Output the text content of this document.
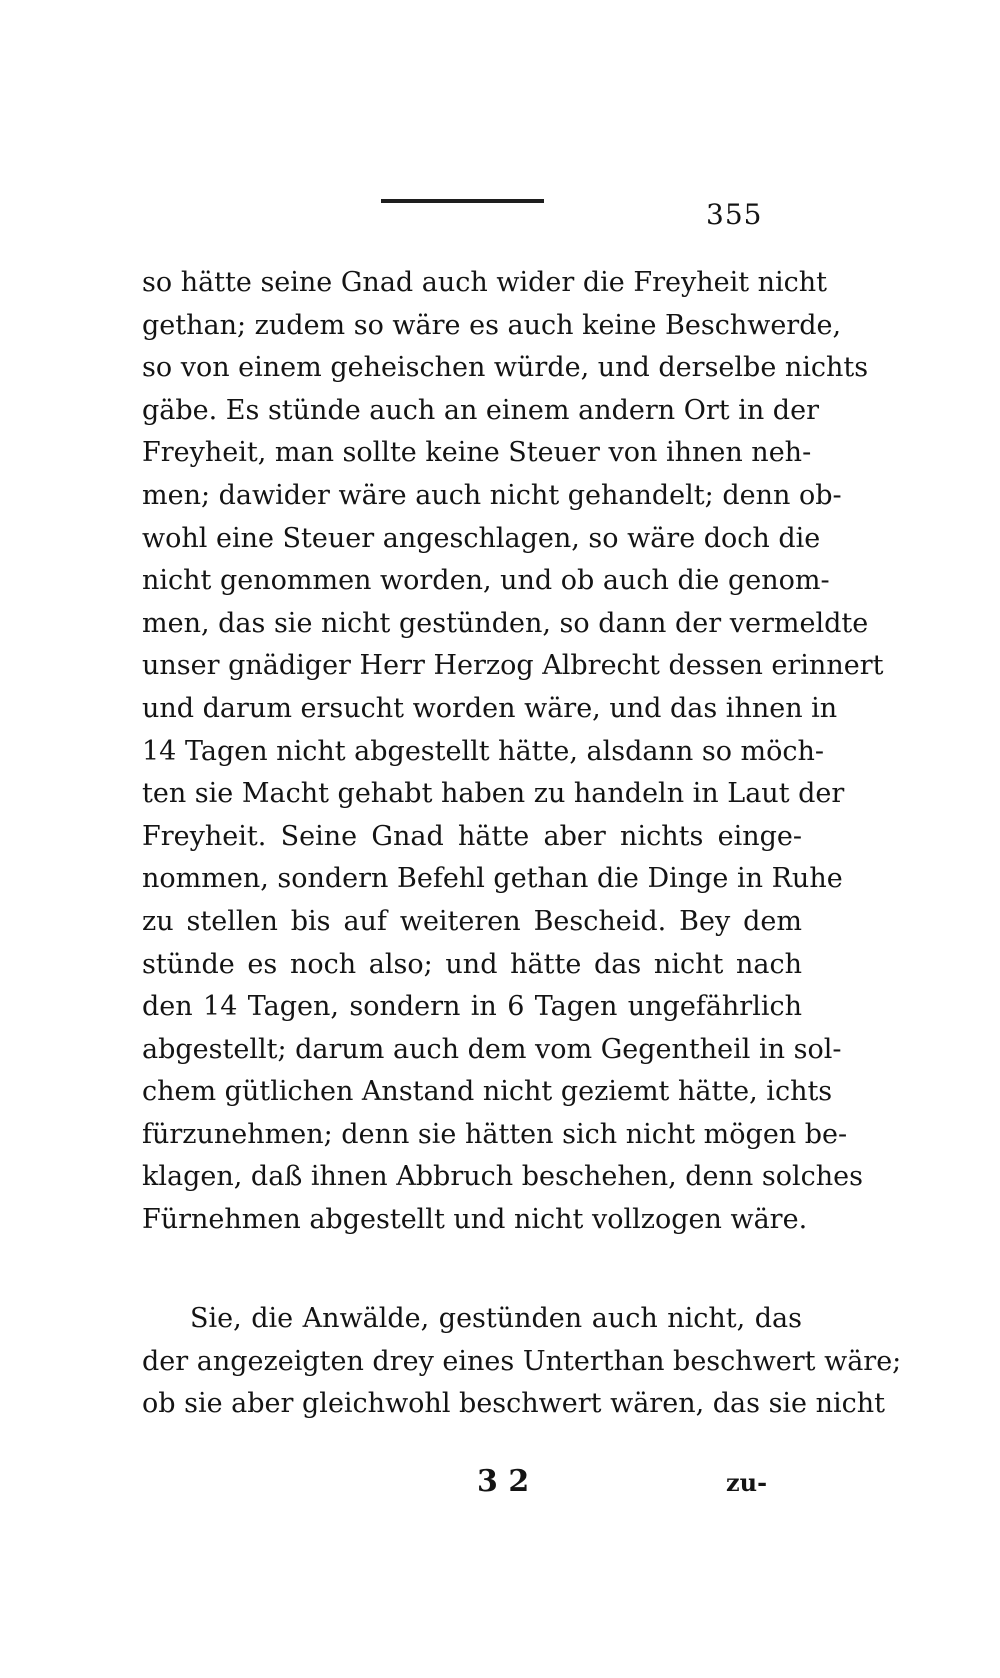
355
so hätte seine Gnad auch wider die Freyheit nicht
gethan; zudem so wäre es auch keine Beschwerde,
so von einem geheischen würde, und derselbe nichts
gäbe. Es stünde auch an einem andern Ort in der
Freyheit, man sollte keine Steuer von ihnen neh-
men; dawider wäre auch nicht gehandelt; denn ob-
wohl eine Steuer angeschlagen, so wäre doch die
nicht genommen worden, und ob auch die genom-
men, das sie nicht gestünden, so dann der vermeldte
unser gnädiger Herr Herzog Albrecht dessen erinnert
und darum ersucht worden wäre, und das ihnen in
14 Tagen nicht abgestellt hätte, alsdann so möch-
ten sie Macht gehabt haben zu handeln in Laut der
Freyheit. Seine Gnad hätte aber nichts einge-
nommen, sondern Befehl gethan die Dinge in Ruhe
zu stellen bis auf weiteren Bescheid. Bey dem
stünde es noch also; und hätte das nicht nach
den 14 Tagen, sondern in 6 Tagen ungefährlich
abgestellt; darum auch dem vom Gegentheil in sol-
chem gütlichen Anstand nicht geziemt hätte, ichts
fürzunehmen; denn sie hätten sich nicht mögen be-
klagen, daß ihnen Abbruch beschehen, denn solches
Fürnehmen abgestellt und nicht vollzogen wäre.
Sie, die Anwälde, gestünden auch nicht, das
der angezeigten drey eines Unterthan beschwert wäre;
ob sie aber gleichwohl beschwert wären, das sie nicht
3 2	zu-
